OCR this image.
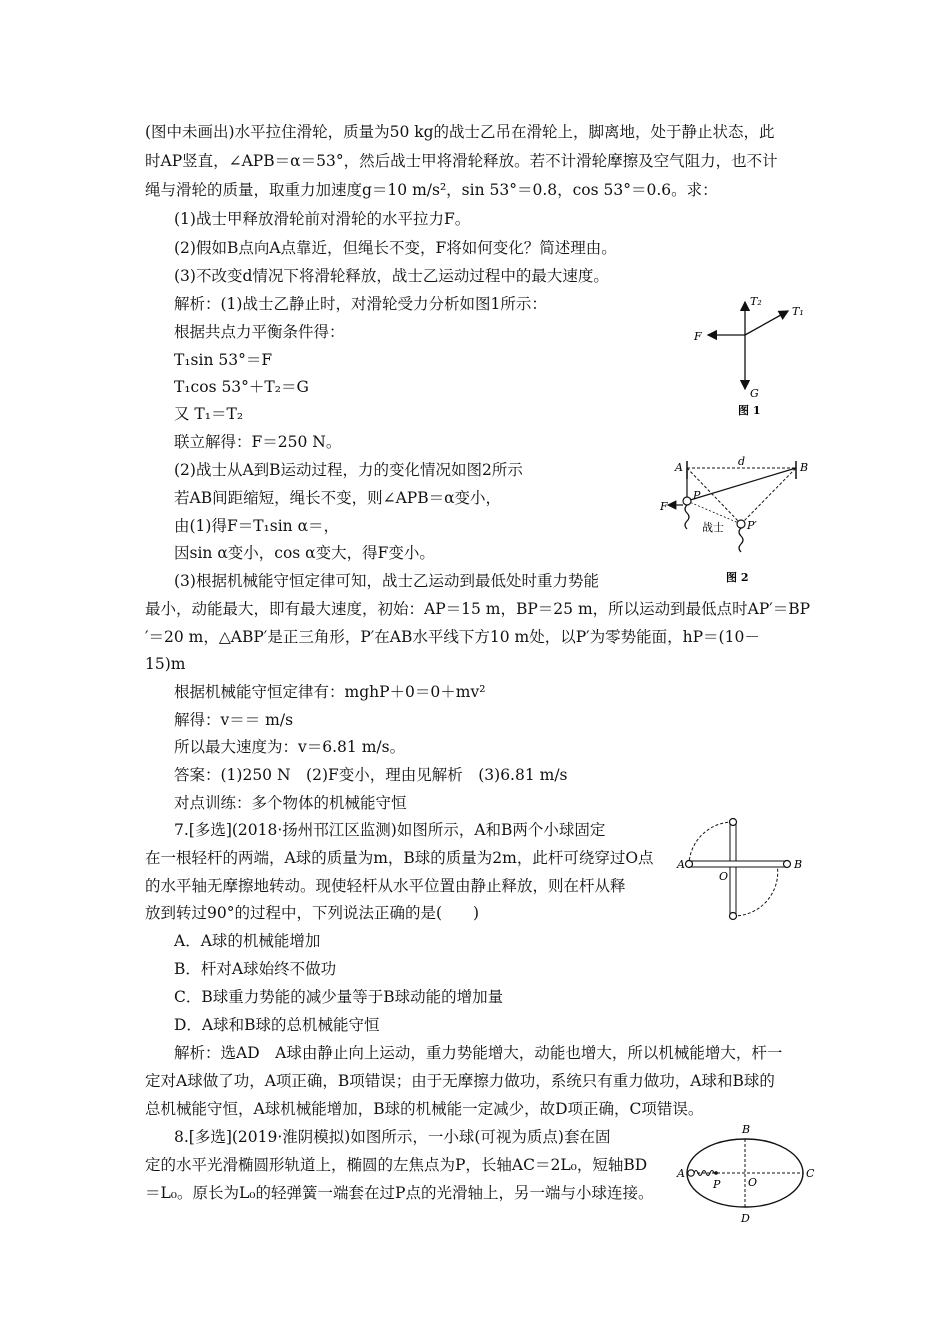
(图中未画出)水平拉住滑轮，质量为50 kg的战士乙吊在滑轮上，脚离地，处于静止状态，此
时AP竖直，∠APB＝α＝53°，然后战士甲将滑轮释放。若不计滑轮摩擦及空气阻力，也不计
绳与滑轮的质量，取重力加速度g＝10 m/s²，sin 53°＝0.8，cos 53°＝0.6。求：
(1)战士甲释放滑轮前对滑轮的水平拉力F。
(2)假如B点向A点靠近，但绳长不变，F将如何变化？简述理由。
(3)不改变d情况下将滑轮释放，战士乙运动过程中的最大速度。
解析：(1)战士乙静止时，对滑轮受力分析如图1所示：
根据共点力平衡条件得：
T₁sin 53°＝F
T₁cos 53°＋T₂＝G
又 T₁＝T₂
联立解得：F＝250 N。
(2)战士从A到B运动过程，力的变化情况如图2所示
若AB间距缩短，绳长不变，则∠APB＝α变小，
由(1)得F＝T₁sin α＝，
因sin α变小，cos α变大，得F变小。
(3)根据机械能守恒定律可知，战士乙运动到最低处时重力势能
最小，动能最大，即有最大速度，初始：AP＝15 m，BP＝25 m，所以运动到最低点时AP′＝BP
′＝20 m，△ABP′是正三角形，P′在AB水平线下方10 m处，以P′为零势能面，hP＝(10－
15)m
根据机械能守恒定律有：mghP＋0＝0＋mv²
解得：v＝＝ m/s
所以最大速度为：v＝6.81 m/s。
答案：(1)250 N　(2)F变小，理由见解析　(3)6.81 m/s
对点训练：多个物体的机械能守恒
7.[多选](2018·扬州邗江区监测)如图所示，A和B两个小球固定
在一根轻杆的两端，A球的质量为m，B球的质量为2m，此杆可绕穿过O点
的水平轴无摩擦地转动。现使轻杆从水平位置由静止释放，则在杆从释
放到转过90°的过程中，下列说法正确的是(　　)
A．A球的机械能增加
B．杆对A球始终不做功
C．B球重力势能的减少量等于B球动能的增加量
D．A球和B球的总机械能守恒
解析：选AD　A球由静止向上运动，重力势能增大，动能也增大，所以机械能增大，杆一
定对A球做了功，A项正确，B项错误；由于无摩擦力做功，系统只有重力做功，A球和B球的
总机械能守恒，A球机械能增加，B球的机械能一定减少，故D项正确，C项错误。
8.[多选](2019·淮阴模拟)如图所示，一小球(可视为质点)套在固
定的水平光滑椭圆形轨道上，椭圆的左焦点为P，长轴AC＝2L₀，短轴BD
＝L₀。原长为L₀的轻弹簧一端套在过P点的光滑轴上，另一端与小球连接。
T₂
T₁
F
G
图 1
A	B
d
P
F
战士 P′
图 2
A
O
B
B
A
P	O
C
D
